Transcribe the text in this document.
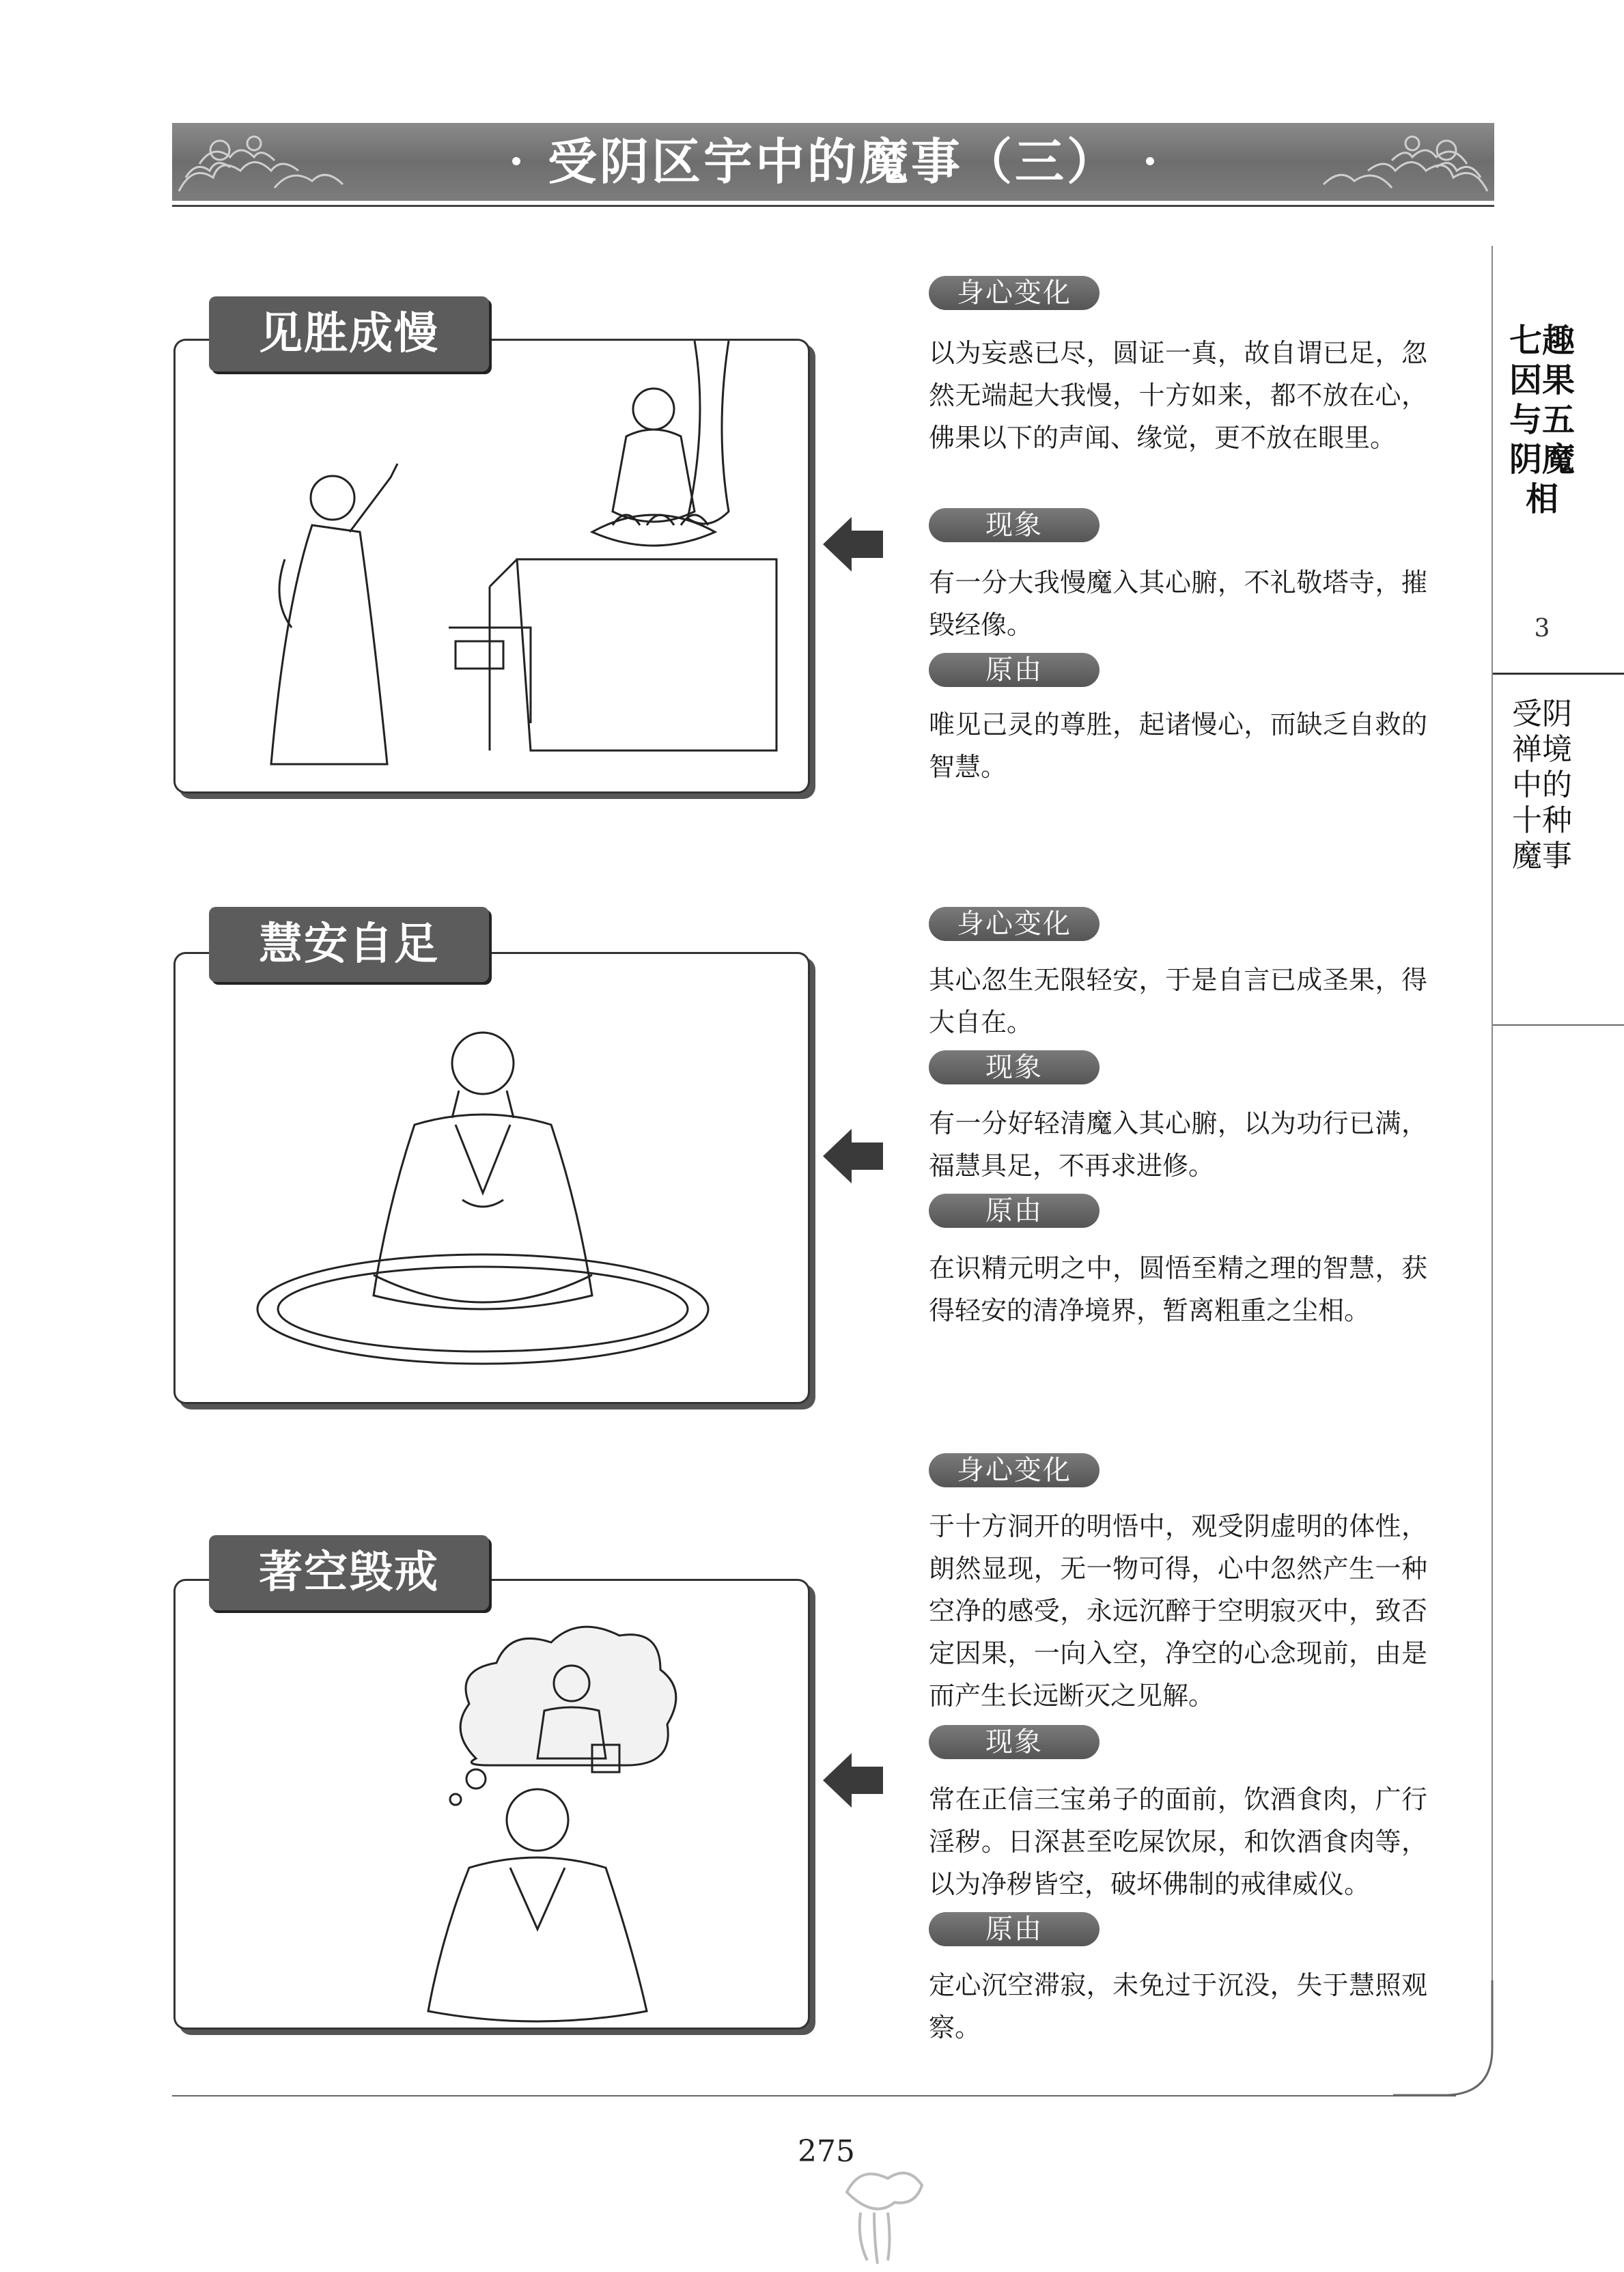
受阴区宇中的魔事（三）
七趣因果与五阴魔相
3
受阴禅境中的十种魔事
见胜成慢
身心变化
以为妄惑已尽，圆证一真，故自谓已足，忽然无端起大我慢，十方如来，都不放在心，佛果以下的声闻、缘觉，更不放在眼里。
现象
有一分大我慢魔入其心腑，不礼敬塔寺，摧毁经像。
原由
唯见己灵的尊胜，起诸慢心，而缺乏自救的智慧。
慧安自足	身心变化
其心忽生无限轻安，于是自言已成圣果，得大自在。
现象
有一分好轻清魔入其心腑，以为功行已满，福慧具足，不再求进修。
原由
在识精元明之中，圆悟至精之理的智慧，获得轻安的清净境界，暂离粗重之尘相。
著空毁戒
身心变化
于十方洞开的明悟中，观受阴虚明的体性，朗然显现，无一物可得，心中忽然产生一种空净的感受，永远沉醉于空明寂灭中，致否定因果，一向入空，净空的心念现前，由是而产生长远断灭之见解。
现象
常在正信三宝弟子的面前，饮酒食肉，广行淫秽。日深甚至吃屎饮尿，和饮酒食肉等，以为净秽皆空，破坏佛制的戒律威仪。
原由
定心沉空滞寂，未免过于沉没，失于慧照观察。
275
